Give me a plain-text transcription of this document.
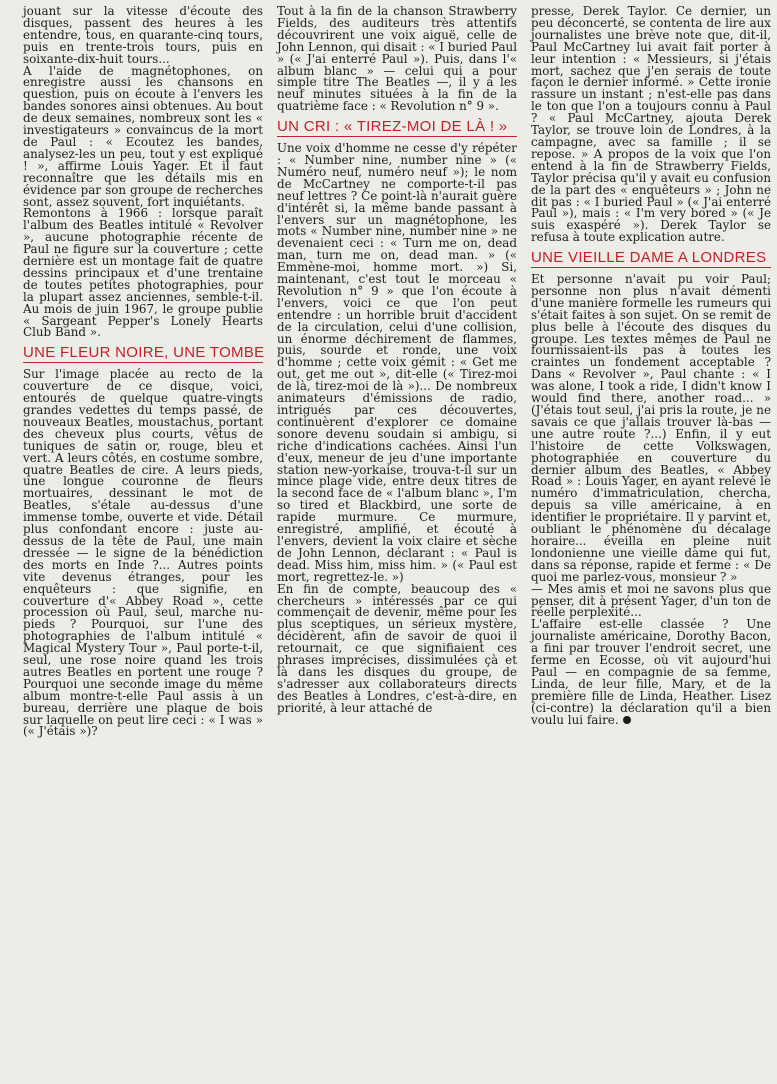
jouant sur la vitesse d'écoute des disques, passent des heures à les entendre, tous, en quarante-cinq tours, puis en trente-trois tours, puis en soixante-dix-huit tours...

A l'aide de magnétophones, on enregistre aussi les chansons en question, puis on écoute à l'envers les bandes sonores ainsi obtenues. Au bout de deux semaines, nombreux sont les « investigateurs » convaincus de la mort de Paul : « Ecoutez les bandes, analysez-les un peu, tout y est expliqué ! », affirme Louis Yager. Et il faut reconnaître que les détails mis en évidence par son groupe de recherches sont, assez souvent, fort inquiétants.

Remontons à 1966 : lorsque paraît l'album des Beatles intitulé « Revolver », aucune photographie récente de Paul ne figure sur la couverture ; cette dernière est un montage fait de quatre dessins principaux et d'une trentaine de toutes petites photographies, pour la plupart assez anciennes, semble-t-il. Au mois de juin 1967, le groupe publie « Sargeant Pepper's Lonely Hearts Club Band ».

UNE FLEUR NOIRE, UNE TOMBE

Sur l'image placée au recto de la couverture de ce disque, voici, entourés de quelque quatre-vingts grandes vedettes du temps passé, de nouveaux Beatles, moustachus, portant des cheveux plus courts, vêtus de tuniques de satin or, rouge, bleu et vert. A leurs côtés, en costume sombre, quatre Beatles de cire. A leurs pieds, une longue couronne de fleurs mortuaires, dessinant le mot de Beatles, s'étale au-dessus d'une immense tombe, ouverte et vide. Détail plus confondant encore : juste au-dessus de la tête de Paul, une main dressée — le signe de la bénédiction des morts en Inde ?... Autres points vite devenus étranges, pour les enquêteurs : que signifie, en couverture d'« Abbey Road », cette procession où Paul, seul, marche nu-pieds ? Pourquoi, sur l'une des photographies de l'album intitulé « Magical Mystery Tour », Paul porte-t-il, seul, une rose noire quand les trois autres Beatles en portent une rouge ? Pourquoi une seconde image du même album montre-t-elle Paul assis à un bureau, derrière une plaque de bois sur laquelle on peut lire ceci : « I was » (« J'étais »)?

Tout à la fin de la chanson Strawberry Fields, des auditeurs très attentifs découvrirent une voix aiguë, celle de John Lennon, qui disait : « I buried Paul » (« J'ai enterré Paul »). Puis, dans l'« album blanc » — celui qui a pour simple titre The Beatles —, il y a les neuf minutes situées à la fin de la quatrième face : « Revolution n° 9 ».

UN CRI : « TIREZ-MOI DE LÀ ! »

Une voix d'homme ne cesse d'y répéter : « Number nine, number nine » (« Numéro neuf, numéro neuf »); le nom de McCartney ne comporte-t-il pas neuf lettres ? Ce point-là n'aurait guère d'intérêt si, la même bande passant à l'envers sur un magnétophone, les mots « Number nine, number nine » ne devenaient ceci : « Turn me on, dead man, turn me on, dead man. » (« Emmène-moi, homme mort. ») Si, maintenant, c'est tout le morceau « Revolution n° 9 » que l'on écoute à l'envers, voici ce que l'on peut entendre : un horrible bruit d'accident de la circulation, celui d'une collision, un énorme déchirement de flammes, puis, sourde et ronde, une voix d'homme ; cette voix gémit : « Get me out, get me out », dit-elle (« Tirez-moi de là, tirez-moi de là »)... De nombreux animateurs d'émissions de radio, intrigués par ces découvertes, continuèrent d'explorer ce domaine sonore devenu soudain si ambigu, si riche d'indications cachées. Ainsi l'un d'eux, meneur de jeu d'une importante station new-yorkaise, trouva-t-il sur un mince plage vide, entre deux titres de la second face de « l'album blanc », I'm so tired et Blackbird, une sorte de rapide murmure. Ce murmure, enregistré, amplifié, et écouté à l'envers, devient la voix claire et sèche de John Lennon, déclarant : « Paul is dead. Miss him, miss him. » (« Paul est mort, regrettez-le. »)

En fin de compte, beaucoup des « chercheurs » intéressés par ce qui commençait de devenir, même pour les plus sceptiques, un sérieux mystère, décidèrent, afin de savoir de quoi il retournait, ce que signifiaient ces phrases imprécises, dissimulées çà et là dans les disques du groupe, de s'adresser aux collaborateurs directs des Beatles à Londres, c'est-à-dire, en priorité, à leur attaché de

presse, Derek Taylor. Ce dernier, un peu déconcerté, se contenta de lire aux journalistes une brève note que, dit-il, Paul McCartney lui avait fait porter à leur intention : « Messieurs, si j'étais mort, sachez que j'en serais de toute façon le dernier informé. » Cette ironie rassure un instant ; n'est-elle pas dans le ton que l'on a toujours connu à Paul ? « Paul McCartney, ajouta Derek Taylor, se trouve loin de Londres, à la campagne, avec sa famille ; il se repose. » A propos de la voix que l'on entend à la fin de Strawberry Fields, Taylor précisa qu'il y avait eu confusion de la part des « enquêteurs » ; John ne dit pas : « I buried Paul » (« J'ai enterré Paul »), mais : « I'm very bored » (« Je suis exaspéré »). Derek Taylor se refusa à toute explication autre.

UNE VIEILLE DAME A LONDRES

Et personne n'avait pu voir Paul; personne non plus n'avait démenti d'une manière formelle les rumeurs qui s'était faites à son sujet. On se remit de plus belle à l'écoute des disques du groupe. Les textes mêmes de Paul ne fournissaient-ils pas à toutes les craintes un fondement acceptable ? Dans « Revolver », Paul chante : « I was alone, I took a ride, I didn't know I would find there, another road... » (J'étais tout seul, j'ai pris la route, je ne savais ce que j'allais trouver là-bas — une autre route ?...) Enfin, il y eut l'histoire de cette Volkswagen, photographiée en couverture du dernier album des Beatles, « Abbey Road » : Louis Yager, en ayant relevé le numéro d'immatriculation, chercha, depuis sa ville américaine, à en identifier le propriétaire. Il y parvint et, oubliant le phénomène du décalage horaire... éveilla en pleine nuit londonienne une vieille dame qui fut, dans sa réponse, rapide et ferme : « De quoi me parlez-vous, monsieur ? »

— Mes amis et moi ne savons plus que penser, dit à présent Yager, d'un ton de réelle perplexité...

L'affaire est-elle classée ? Une journaliste américaine, Dorothy Bacon, a fini par trouver l'endroit secret, une ferme en Ecosse, où vit aujourd'hui Paul — en compagnie de sa femme, Linda, de leur fille, Mary, et de la première fille de Linda, Heather. Lisez (ci-contre) la déclaration qu'il a bien voulu lui faire.
